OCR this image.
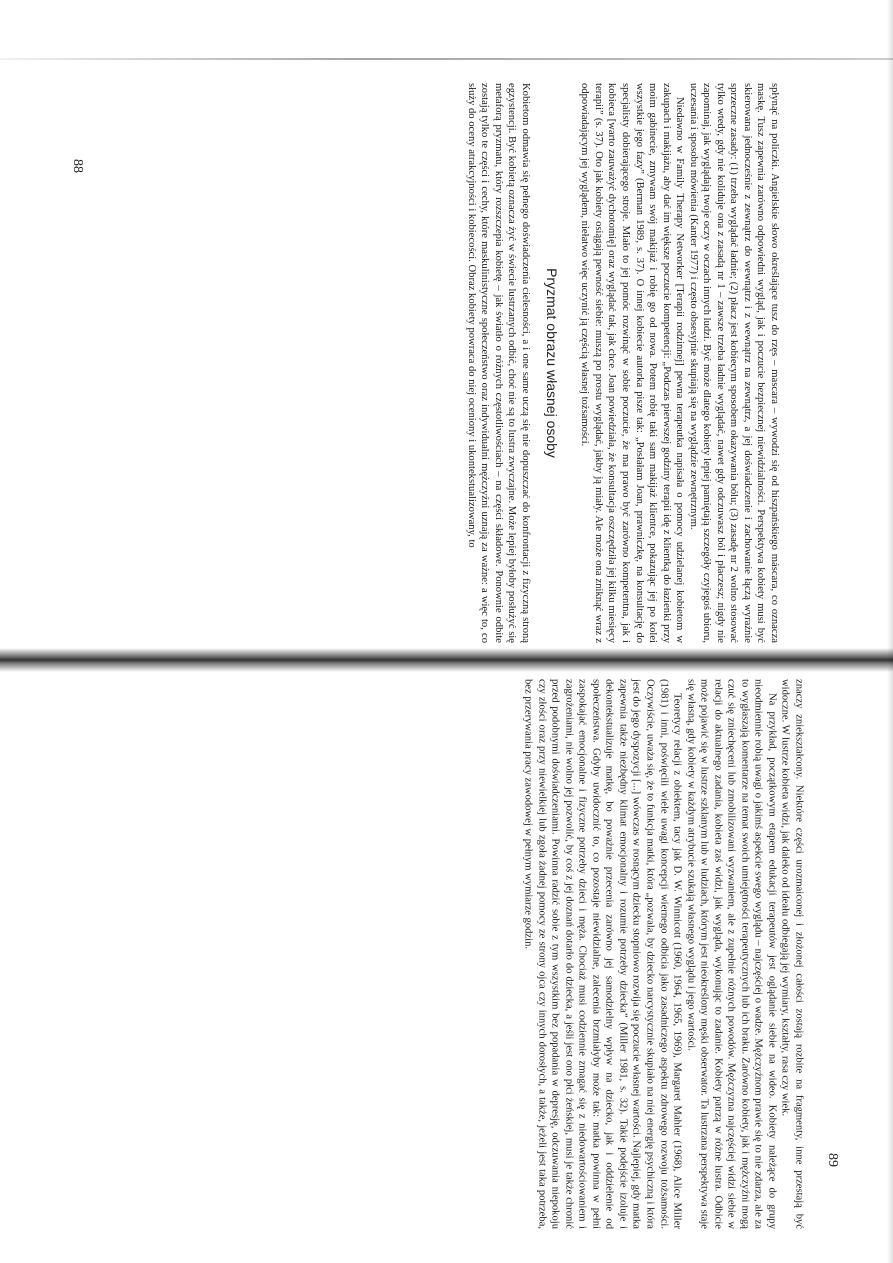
spłynąć na policzki. Angielskie słowo określające tusz do rzęs – mascara – wywodzi się od hiszpańskiego máscara, co oznacza maskę. Tusz zapewnia zarówno odpowiedni wygląd, jak i poczucie bezpiecznej niewidzialności. Perspektywa kobiety musi być skierowana jednocześnie z zewnątrz do wewnątrz i z wewnątrz na zewnątrz, a jej doświadczenie i zachowanie łączą wyraźnie sprzeczne zasady: (1) trzeba wyglądać ładnie; (2) płacz jest kobiecym sposobem okazywania bólu; (3) zasadę nr 2 wolno stosować tylko wtedy, gdy nie koliduje ona z zasadą nr 1 – zawsze trzeba ładnie wyglądać, nawet gdy odczuwasz ból i płaczesz; nigdy nie zapominaj, jak wyglądają twoje oczy w oczach innych ludzi. Być może dlatego kobiety lepiej pamiętają szczegóły czyjegoś ubioru, uczesania i sposobu mówienia (Kanter 1977) i często obsesyjnie skupiają się na wyglądzie zewnętrznym.

Niedawno w Family Therapy Networker [Terapii rodzinnej] pewna terapeutka napisała o pomocy udzielanej kobietom w zakupach i makijażu, aby dać im większe poczucie kompetencji: „Podczas pierwszej godziny terapii idę z klientką do łazienki przy moim gabinecie, zmywam swój makijaż i robię go od nowa. Potem robię taki sam makijaż klientce, pokazując jej po kolei wszystkie jego fazy” (Berman 1989, s. 37). O innej kobiecie autorka pisze tak: „Posłałam Joan, prawniczkę, na konsultację do specjalisty dobierającego stroje. Miało to jej pomóc rozwinąć w sobie poczucie, że ma prawo być zarówno kompetentna, jak i kobieca [warto zauważyć dychotomię] oraz wyglądać tak, jak chce. Joan powiedziała, że konsultacja oszczędziła jej kilku miesięcy terapii” (s. 37). Oto jak kobiety osiągają pewność siebie: muszą po prostu wyglądać, jakby ją miały. Ale może ona zniknąć wraz z odpowiadającym jej wyglądem, niełatwo więc uczynić ją częścią własnej tożsamości.

Pryzmat obrazu własnej osoby

Kobietom odmawia się pełnego doświadczenia cielesności, a i one same uczą się nie dopuszczać do konfrontacji z fizyczną stroną egzystencji. Być kobietą oznacza żyć w świecie lustrzanych odbić, choć nie są to lustra zwyczajne. Może lepiej byłoby posłużyć się metaforą pryzmatu, który rozszczepia kobietę – jak światło o różnych częstotliwościach – na części składowe. Ponownie odbite zostają tylko te części i cechy, które maskulinistyczne społeczeństwo oraz indywidualni mężczyźni uznają za ważne: a więc to, co służy do oceny atrakcyjności i kobiecości. Obraz kobiety powraca do niej oceniony i ukontekstualizowany, to

88

znaczy zniekształcony. Niektóre części urozmaiconej i złożonej całości zostają rozbite na fragmenty, inne przestają być widoczne. W lustrze kobieta widzi, jak daleko od ideału odbiegają jej wymiary, kształty, rasa czy wiek.

Na przykład, początkowym etapem edukacji terapeutów jest oglądanie siebie na wideo. Kobiety należące do grupy nieodmiennie robią uwagi o jakimś aspekcie swego wyglądu – najczęściej o wadze. Mężczyźnom prawie się to nie zdarza, ale za to wygłaszają komentarze na temat swoich umiejętności terapeutycznych lub ich braku. Zarówno kobiety, jak i mężczyźni mogą czuć się zniechęceni lub zmobilizowani wyzwaniem, ale z zupełnie różnych powodów. Mężczyzna najczęściej widzi siebie w relacji do aktualnego zadania, kobieta zaś widzi, jak wygląda, wykonując to zadanie. Kobiety patrzą w różne lustra. Odbicie może pojawić się w lustrze szklanym lub w ludziach, którym jest nieokreślony męski obserwator. Ta lustrzana perspektywa staje się własną, gdy kobiety w każdym atrybucie szukają własnego wyglądu i jego wartości.

Teoretycy relacji z obiektem, tacy jak D. W. Winnicott (1960, 1964, 1965, 1969), Margaret Mahler (1968), Alice Miller (1981) i inni, poświęcili wiele uwagi koncepcji wiernego odbicia jako zasadniczego aspektu zdrowego rozwoju tożsamości. Oczywiście, uważa się, że to funkcja matki, która „pozwala, by dziecko narcystycznie skupiało na niej energię psychiczną i która jest do jego dyspozycji [...] wówczas w rosnącym dziecku stopniowo rozwija się poczucie własnej wartości. Najlepiej, gdy matka zapewnia także niezbędny klimat emocjonalny i rozumie potrzeby dziecka” (Miller 1981, s. 32). Takie podejście izoluje i dekontekstualizuje matkę, bo poważnie przecenia zarówno jej samodzielny wpływ na dziecko, jak i oddzielenie od społeczeństwa. Gdyby uwidocznić to, co pozostaje niewidzialne, zalecenia brzmiałyby może tak: matka powinna w pełni zaspokajać emocjonalne i fizyczne potrzeby dzieci i męża. Chociaż musi codziennie zmagać się z niedowartościowaniem i zagrożeniami, nie wolno jej pozwolić, by coś z jej doznań dotarło do dziecka, a jeśli jest ono płci żeńskiej, musi je także chronić przed podobnymi doświadczeniami. Powinna radzić sobie z tym wszystkim bez popadania w depresję, odczuwania niepokoju czy złości oraz przy niewielkiej lub zgoła żadnej pomocy ze strony ojca czy innych dorosłych, a także, jeżeli jest taka potrzeba, bez przerywania pracy zawodowej w pełnym wymiarze godzin.

89
